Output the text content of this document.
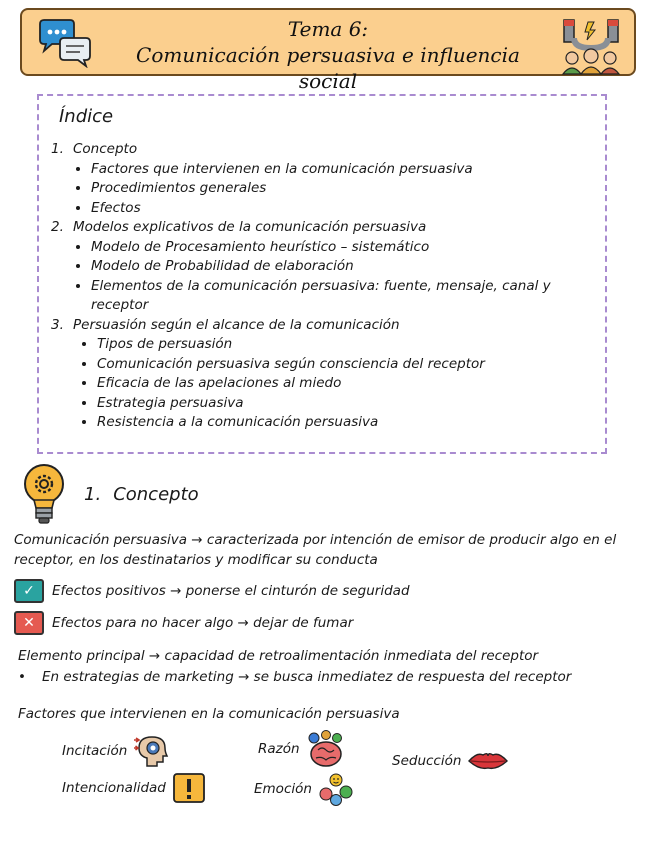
Tema 6:
Comunicación persuasiva e influencia social
Índice
1. Concepto
• Factores que intervienen en la comunicación persuasiva
• Procedimientos generales
• Efectos
2. Modelos explicativos de la comunicación persuasiva
• Modelo de Procesamiento heurístico – sistemático
• Modelo de Probabilidad de elaboración
• Elementos de la comunicación persuasiva: fuente, mensaje, canal y receptor
3. Persuasión según el alcance de la comunicación
• Tipos de persuasión
• Comunicación persuasiva según consciencia del receptor
• Eficacia de las apelaciones al miedo
• Estrategia persuasiva
• Resistencia a la comunicación persuasiva
1. Concepto
Comunicación persuasiva → caracterizada por intención de emisor de producir algo en el receptor, en los destinatarios y modificar su conducta
✓	Efectos positivos → ponerse el cinturón de seguridad
✕	Efectos para no hacer algo → dejar de fumar
Elemento principal → capacidad de retroalimentación inmediata del receptor
• En estrategias de marketing → se busca inmediatez de respuesta del receptor
Factores que intervienen en la comunicación persuasiva
Incitación
Intencionalidad
Razón
Emoción
Seducción
